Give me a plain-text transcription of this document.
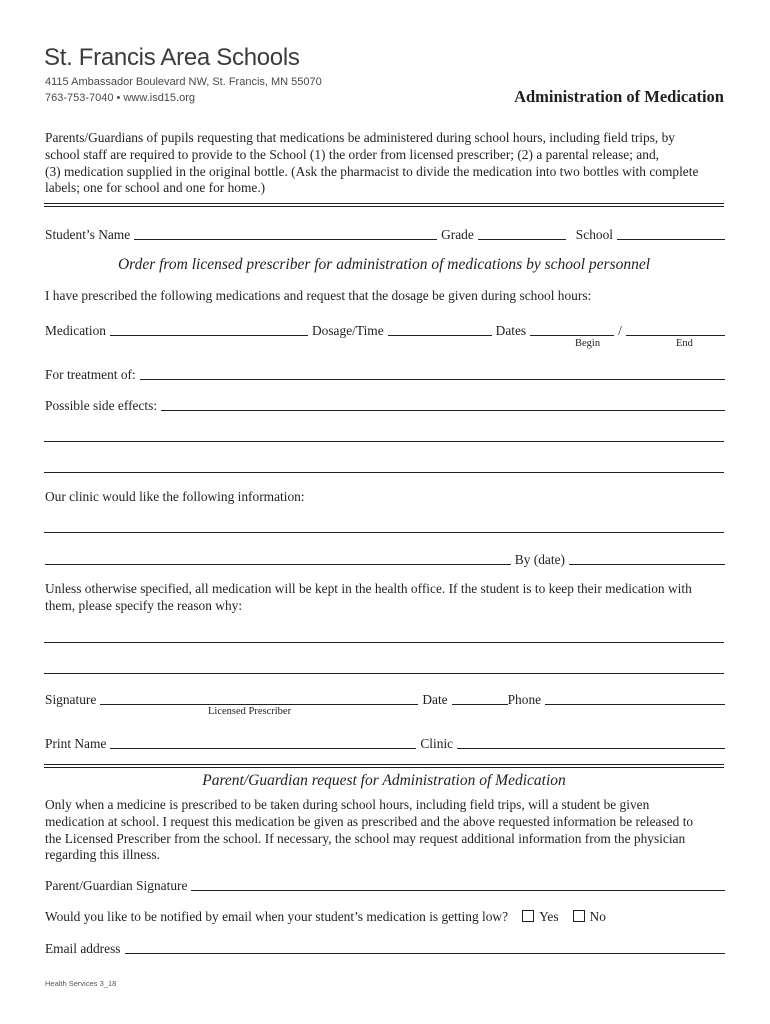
St. Francis Area Schools
4115 Ambassador Boulevard NW, St. Francis, MN 55070
763-753-7040 • www.isd15.org	Administration of Medication
Parents/Guardians of pupils requesting that medications be administered during school hours, including field trips, by
school staff are required to provide to the School (1) the order from licensed prescriber; (2) a parental release; and,
(3) medication supplied in the original bottle. (Ask the pharmacist to divide the medication into two bottles with complete
labels; one for school and one for home.)
Student’s Name	Grade	School
Order from licensed prescriber for administration of medications by school personnel
I have prescribed the following medications and request that the dosage be given during school hours:
Medication	Dosage/Time	Dates	/
Begin	End
For treatment of:
Possible side effects:
Our clinic would like the following information:
By (date)
Unless otherwise specified, all medication will be kept in the health office. If the student is to keep their medication with
them, please specify the reason why:
Signature	Date	Phone
Licensed Prescriber
Print Name	Clinic
Parent/Guardian request for Administration of Medication
Only when a medicine is prescribed to be taken during school hours, including field trips, will a student be given
medication at school. I request this medication be given as prescribed and the above requested information be released to
the Licensed Prescriber from the school. If necessary, the school may request additional information from the physician
regarding this illness.
Parent/Guardian Signature
Would you like to be notified by email when your student’s medication is getting low?	Yes	No
Email address
Health Services 3_18
